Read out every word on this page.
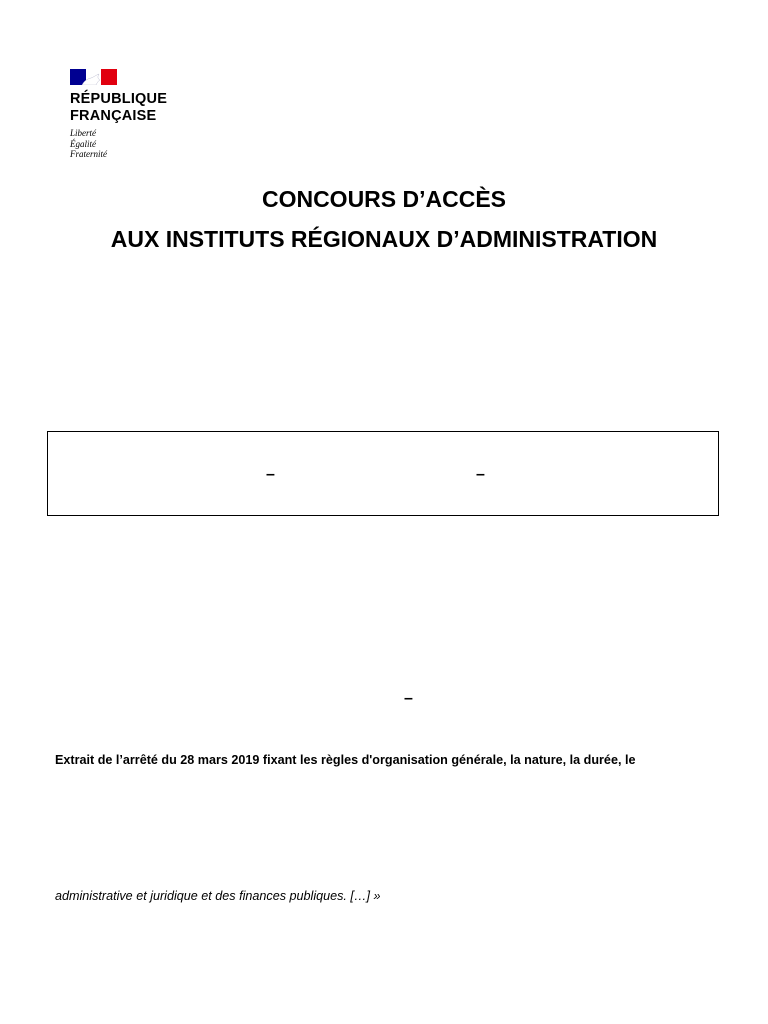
RÉPUBLIQUE
FRANÇAISE
Liberté
Égalité
Fraternité
CONCOURS D’ACCÈS
AUX INSTITUTS RÉGIONAUX D’ADMINISTRATION
–	–
–
Extrait de l’arrêté du 28 mars 2019 fixant les règles d'organisation générale, la nature, la durée, le
administrative et juridique et des finances publiques. […] »
